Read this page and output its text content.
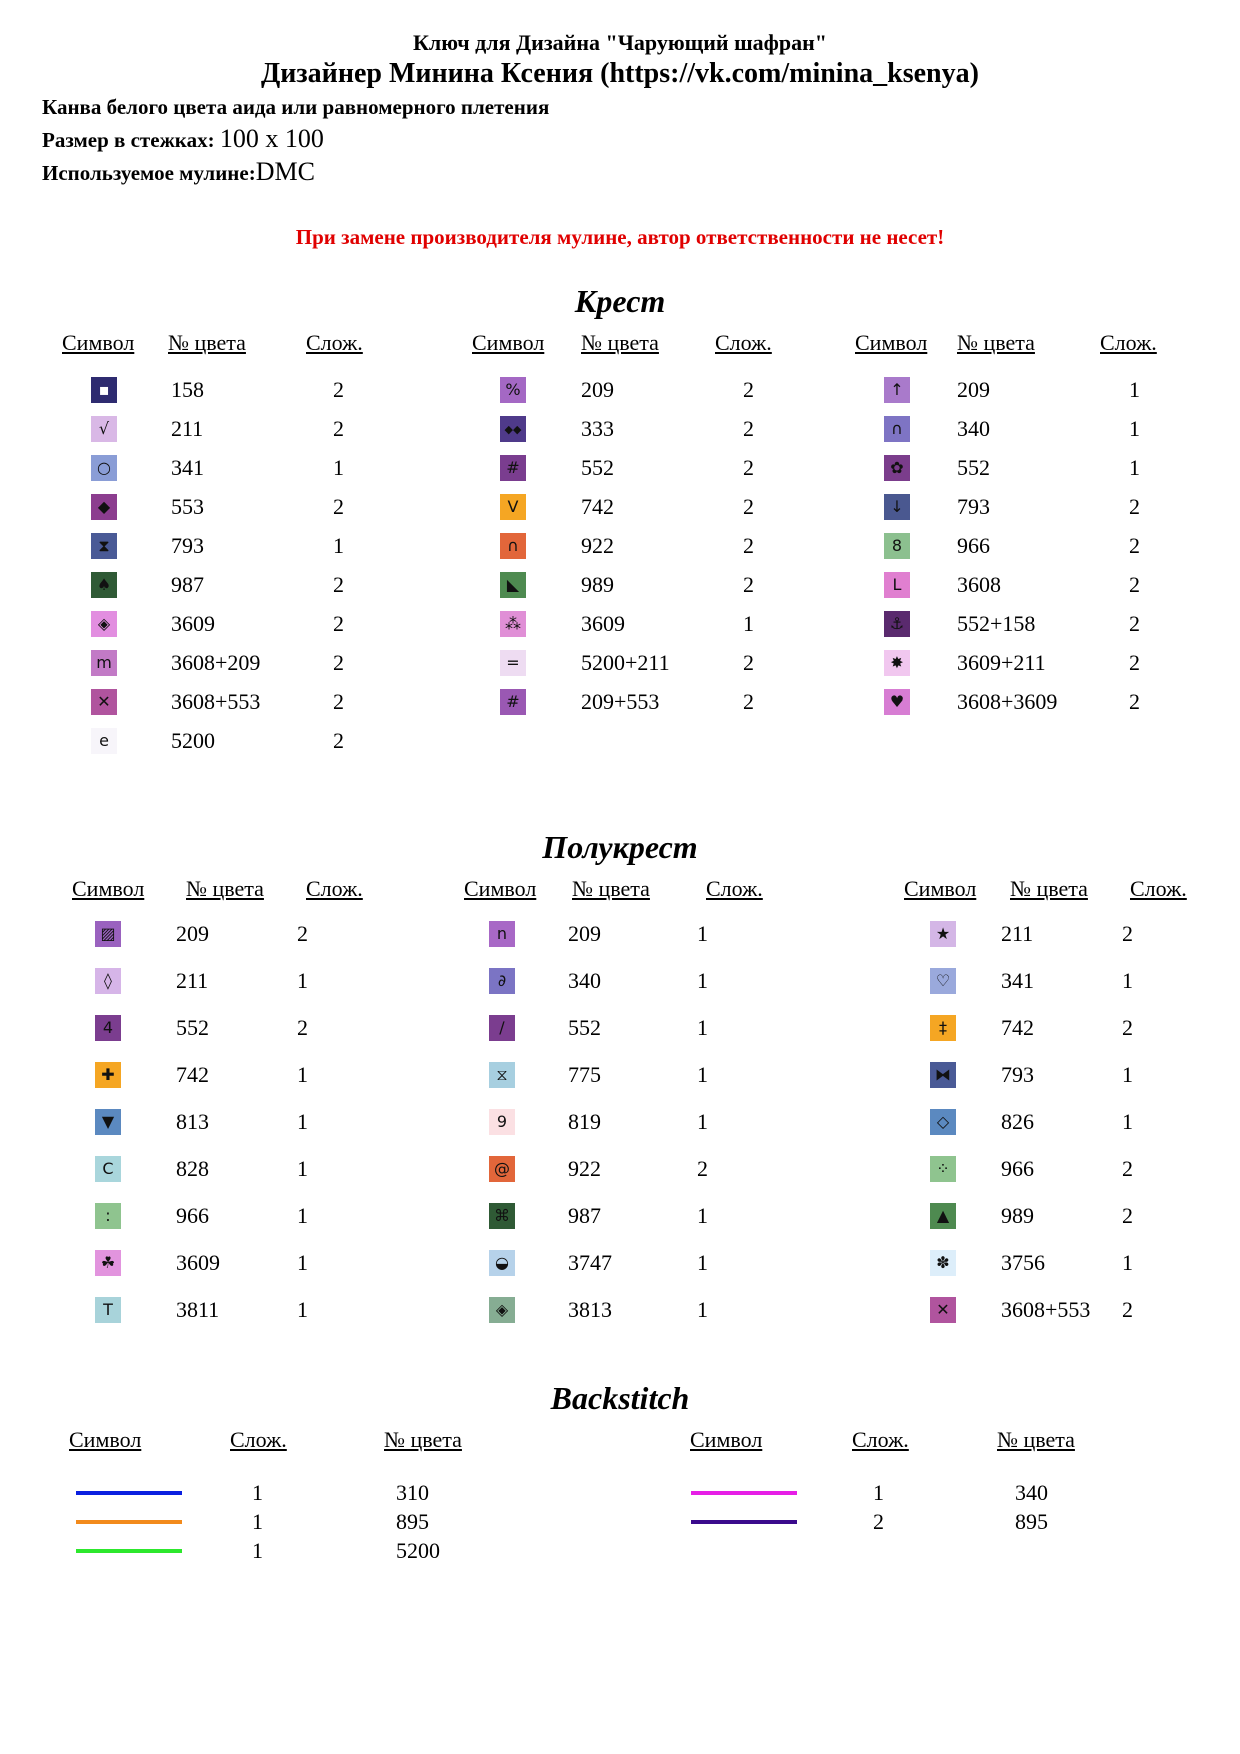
Ключ для Дизайна "Чарующий шафран"
Дизайнер Минина Ксения (https://vk.com/minina_ksenya)
Канва белого цвета аида или равномерного плетения
Размер в стежках: 100 x 100
Используемое мулине:DMC
При замене производителя мулине, автор ответственности не несет!
Крест
Полукрест
Backstitch
Символ № цвета	Слож.
▪	158	2
√	211	2
○	341	1
◆	553	2
⧗	793	1
♠	987	2
◈	3609	2
m	3608+209	2
✕	3608+553	2
e	5200	2
Символ № цвета	Слож.
%	209	2
◆◆	333	2
#	552	2
V	742	2
∩	922	2
◣	989	2
⁂	3609	1
=	5200+211	2
#	209+553	2
Символ № цвета	Слож.
↑ 209	1
∩	340	1
✿ 552	1
↓ 793	2
8	966	2
L	3608	2
⚓ 552+158	2
✸ 3609+211	2
♥ 3608+3609	2
Символ № цвета Слож.
▨	209	2
◊	211	1
4	552	2
✚	742	1
▼	813	1
C	828	1
:	966	1
☘	3609	1
T	3811	1
Символ № цвета	Слож.
n	209	1
∂	340	1
∕	552	1
⧖	775	1
9	819	1
@	922	2
⌘	987	1
◒	3747	1
◈	3813	1
Символ № цвета Слож.
★ 211	2
♡ 341	1
‡	742	2
⧓ 793	1
◇	826	1
⁘ 966	2
▲	989	2
✽ 3756	1
✕ 3608+553 2
Символ	Слож.	№ цвета
1	310
1	895
1	5200
Символ	Слож.	№ цвета
1	340
2	895
